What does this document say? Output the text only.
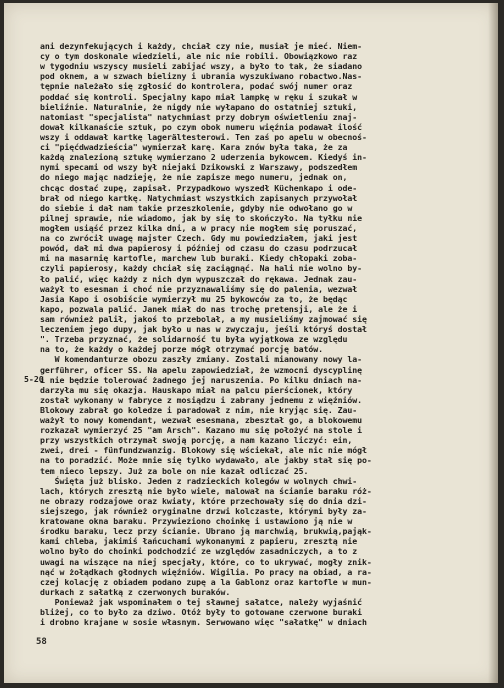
ani dezynfekujących i każdy, chciał czy nie, musiał je mieć. Niem-
cy o tym doskonale wiedzieli, ale nic nie robili. Obowiązkowo raz
w tygodniu wszyscy musieli zabijać wszy, a było to tak, że siadano
pod oknem, a w szwach bielizny i ubrania wyszukiwano robactwo.Nas-
tępnie należało się zgłosić do kontrolera, podać swój numer oraz
poddać się kontroli. Specjalny kapo miał lampkę w ręku i szukał w
bieliźnie. Naturalnie, że nigdy nie wyłapano do ostatniej sztuki,
natomiast "specjalista" natychmiast przy dobrym oświetleniu znaj-
dował kilkanaście sztuk, po czym obok numeru więźnia podawał ilość
wszy i oddawał kartkę lagerältesterowi. Ten zaś po apelu w obecnoś-
ci "pięćdwadzieścia" wymierzał karę. Kara znów była taka, że za
każdą znalezioną sztukę wymierzano 2 uderzenia bykowcem. Kiedyś in-
nymi specami od wszy był niejaki Dzikowski z Warszawy, podszedłem
do niego mając nadzieję, że nie zapisze mego numeru, jednak on,
chcąc dostać zupę, zapisał. Przypadkowo wyszedł Küchenkapo i ode-
brał od niego kartkę. Natychmiast wszystkich zapisanych przywołał
do siebie i dał nam takie przeszkolenie, gdyby nie odwołano go w
pilnej sprawie, nie wiadomo, jak by się to skończyło. Na tyłku nie
mogłem usiąść przez kilka dni, a w pracy nie mogłem się poruszać,
na co zwrócił uwagę majster Czech. Gdy mu powiedziałem, jaki jest
powód, dał mi dwa papierosy i później od czasu do czasu podrzucał
mi na masarnię kartofle, marchew lub buraki. Kiedy chłopaki zoba-
czyli papierosy, każdy chciał się zaciągnąć. Na hali nie wolno by-
ło palić, więc każdy z nich dym wypuszczał do rękawa. Jednak zau-
ważył to esesman i choć nie przyznawaliśmy się do palenia, wezwał
Jasia Kapo i osobiście wymierzył mu 25 bykowców za to, że będąc
kapo, pozwala palić. Janek miał do nas trochę pretensji, ale że i
sam również palił, jakoś to przebolał, a my musieliśmy zajmować się
leczeniem jego dupy, jak było u nas w zwyczaju, jeśli któryś dostał
". Trzeba przyznać, że solidarność tu była wyjątkowa ze względu
na to, że każdy o każdej porze mógł otrzymać porcję batów.
W komendanturze obozu zaszły zmiany. Zostali mianowany nowy la-
gerführer, oficer SS. Na apelu zapowiedział, że wzmocni dyscyplinę
i nie będzie tolerować żadnego jej naruszenia. Po kilku dniach na-
darzyła mu się okazja. Hauskapo miał na palcu pierścionek, który
został wykonany w fabryce z mosiądzu i zabrany jednemu z więźniów.
Blokowy zabrał go koledze i paradował z nim, nie kryjąc się. Zau-
ważył to nowy komendant, wezwał esesmana, zbeształ go, a blokowemu
rozkazał wymierzyć 25 "am Arsch". Kazano mu się położyć na stole i
przy wszystkich otrzymał swoją porcję, a nam kazano liczyć: ein,
zwei, drei - fünfundzwanzig. Blokowy się wściekał, ale nic nie mógł
na to poradzić. Może mnie się tylko wydawało, ale jakby stał się po-
tem nieco lepszy. Już za bole on nie kazał odliczać 25.
Święta już blisko. Jeden z radzieckich kolegów w wolnych chwi-
lach, których zresztą nie było wiele, malował na ścianie baraku róż-
ne obrazy rodzajowe oraz kwiaty, które przechowały się do dnia dzi-
siejszego, jak również oryginalne drzwi kolczaste, którymi były za-
kratowane okna baraku. Przywieziono choinkę i ustawiono ją nie w
środku baraku, lecz przy ścianie. Ubrano ją marchwią, brukwią,pająk-
kami chleba, jakimiś łańcuchami wykonanymi z papieru, zresztą nie
wolno było do choinki podchodzić ze względów zasadniczych, a to z
uwagi na wiszące na niej specjały, które, co to ukrywać, mogły znik-
nąć w żołądkach głodnych więźniów. Wigilia. Po pracy na obiad, a ra-
czej kolację z obiadem podano zupę a la Gablonz oraz kartofle w mun-
durkach z sałatką z czerwonych buraków.
Ponieważ jak wspominałem o tej sławnej sałatce, należy wyjaśnić
bliżej, co to było za dziwo. Otóż były to gotowane czerwone buraki
i drobno krajane w sosie własnym. Serwowano więc "sałatkę" w dniach
5-20
58
